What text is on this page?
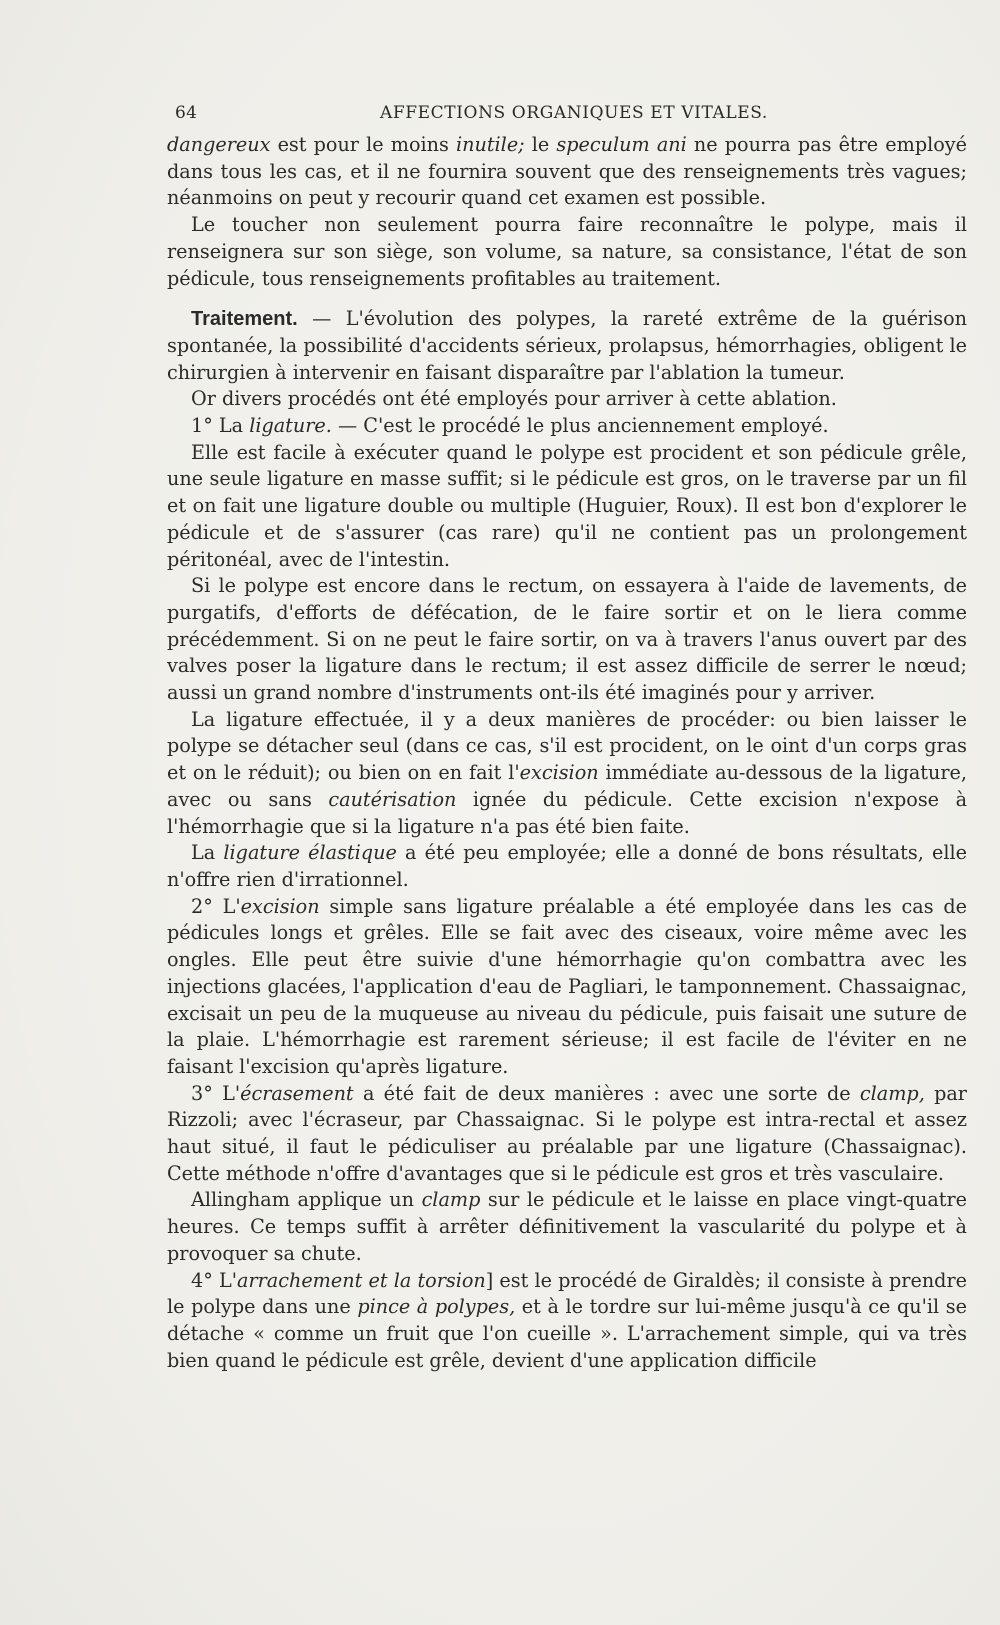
64	AFFECTIONS ORGANIQUES ET VITALES.

dangereux est pour le moins inutile; le speculum ani ne pourra pas être employé dans tous les cas, et il ne fournira souvent que des renseignements très vagues; néanmoins on peut y recourir quand cet examen est possible.

Le toucher non seulement pourra faire reconnaître le polype, mais il renseignera sur son siège, son volume, sa nature, sa consistance, l'état de son pédicule, tous renseignements profitables au traitement.

Traitement. — L'évolution des polypes, la rareté extrême de la guérison spontanée, la possibilité d'accidents sérieux, prolapsus, hémorrhagies, obligent le chirurgien à intervenir en faisant disparaître par l'ablation la tumeur.

Or divers procédés ont été employés pour arriver à cette ablation.

1° La ligature. — C'est le procédé le plus anciennement employé.

Elle est facile à exécuter quand le polype est procident et son pédicule grêle, une seule ligature en masse suffit; si le pédicule est gros, on le traverse par un fil et on fait une ligature double ou multiple (Huguier, Roux). Il est bon d'explorer le pédicule et de s'assurer (cas rare) qu'il ne contient pas un prolongement péritonéal, avec de l'intestin.

Si le polype est encore dans le rectum, on essayera à l'aide de lavements, de purgatifs, d'efforts de défécation, de le faire sortir et on le liera comme précédemment. Si on ne peut le faire sortir, on va à travers l'anus ouvert par des valves poser la ligature dans le rectum; il est assez difficile de serrer le nœud; aussi un grand nombre d'instruments ont-ils été imaginés pour y arriver.

La ligature effectuée, il y a deux manières de procéder: ou bien laisser le polype se détacher seul (dans ce cas, s'il est procident, on le oint d'un corps gras et on le réduit); ou bien on en fait l'excision immédiate au-dessous de la ligature, avec ou sans cautérisation ignée du pédicule. Cette excision n'expose à l'hémorrhagie que si la ligature n'a pas été bien faite.

La ligature élastique a été peu employée; elle a donné de bons résultats, elle n'offre rien d'irrationnel.

2° L'excision simple sans ligature préalable a été employée dans les cas de pédicules longs et grêles. Elle se fait avec des ciseaux, voire même avec les ongles. Elle peut être suivie d'une hémorrhagie qu'on combattra avec les injections glacées, l'application d'eau de Pagliari, le tamponnement. Chassaignac, excisait un peu de la muqueuse au niveau du pédicule, puis faisait une suture de la plaie. L'hémorrhagie est rarement sérieuse; il est facile de l'éviter en ne faisant l'excision qu'après ligature.

3° L'écrasement a été fait de deux manières : avec une sorte de clamp, par Rizzoli; avec l'écraseur, par Chassaignac. Si le polype est intra-rectal et assez haut situé, il faut le pédiculiser au préalable par une ligature (Chassaignac). Cette méthode n'offre d'avantages que si le pédicule est gros et très vasculaire.

Allingham applique un clamp sur le pédicule et le laisse en place vingt-quatre heures. Ce temps suffit à arrêter définitivement la vascularité du polype et à provoquer sa chute.

4° L'arrachement et la torsion] est le procédé de Giraldès; il consiste à prendre le polype dans une pince à polypes, et à le tordre sur lui-même jusqu'à ce qu'il se détache « comme un fruit que l'on cueille ». L'arrachement simple, qui va très bien quand le pédicule est grêle, devient d'une application difficile
